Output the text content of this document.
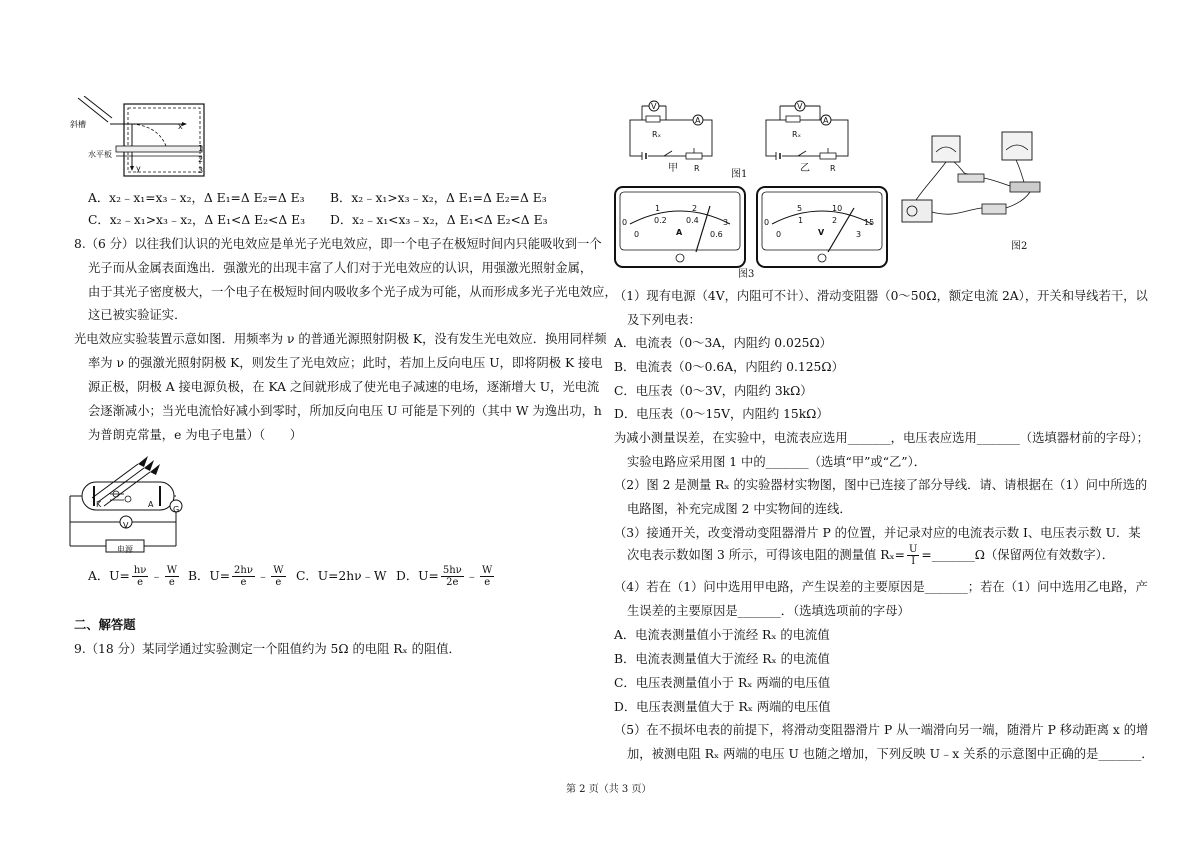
斜槽
水平板
x
y
1
2
3
A．x₂﹣x₁=x₃﹣x₂，Δ E₁=Δ E₂=Δ E₃ B．x₂﹣x₁>x₃﹣x₂，Δ E₁=Δ E₂=Δ E₃
C．x₂﹣x₁>x₃﹣x₂，Δ E₁<Δ E₂<Δ E₃ D．x₂﹣x₁<x₃﹣x₂，Δ E₁<Δ E₂<Δ E₃
8.（6 分）以往我们认识的光电效应是单光子光电效应，即一个电子在极短时间内只能吸收到一个
光子而从金属表面逸出．强激光的出现丰富了人们对于光电效应的认识，用强激光照射金属，
由于其光子密度极大，一个电子在极短时间内吸收多个光子成为可能，从而形成多光子光电效应，
这已被实验证实．
光电效应实验装置示意如图．用频率为 ν 的普通光源照射阴极 K，没有发生光电效应．换用同样频
率为 ν 的强激光照射阴极 K，则发生了光电效应；此时，若加上反向电压 U，即将阴极 K 接电
源正极，阴极 A 接电源负极，在 KA 之间就形成了使光电子减速的电场，逐渐增大 U，光电流
会逐渐减小；当光电流恰好减小到零时，所加反向电压 U 可能是下列的（其中 W 为逸出功，h
为普朗克常量，e 为电子电量）（　　）
K	A
V
G
电源
A．$U= \frac{h\nu}{e}$ ﹣ $\frac{W}{e}$ B．$U= \frac{2h\nu}{e}$ ﹣ $\frac{W}{e}$ C．U=2hν﹣W D．$U= \frac{5h\nu}{2e}$ ﹣ $\frac{W}{e}$
二、解答题
9.（18 分）某同学通过实验测定一个阻值约为 5Ω 的电阻 Rₓ 的阻值．
V
A
Rₓ
R
甲
V
A
Rₓ
R
乙
图1
0
1	2
3
0
0.2 0.4
0.6
A
0
5	10
15
0
1	2
3
V
图3
图2
（1）现有电源（4V，内阻可不计）、滑动变阻器（0～50Ω，额定电流 2A），开关和导线若干，以
及下列电表：
A．电流表（0～3A，内阻约 0.025Ω）
B．电流表（0～0.6A，内阻约 0.125Ω）
C．电压表（0～3V，内阻约 3kΩ）
D．电压表（0～15V，内阻约 15kΩ）
为减小测量误差，在实验中，电流表应选用_______，电压表应选用_______（选填器材前的字母）；
实验电路应采用图 1 中的_______（选填“甲”或“乙”）．
（2）图 2 是测量 Rₓ 的实验器材实物图，图中已连接了部分导线．请、请根据在（1）问中所选的
电路图，补充完成图 2 中实物间的连线．
（3）接通开关，改变滑动变阻器滑片 P 的位置，并记录对应的电流表示数 I、电压表示数 U．某
次电表示数如图 3 所示，可得该电阻的测量值 $R_x= \frac{U}{I}$ =_______Ω（保留两位有效数字）．
（4）若在（1）问中选用甲电路，产生误差的主要原因是_______；若在（1）问中选用乙电路，产
生误差的主要原因是_______．（选填选项前的字母）
A．电流表测量值小于流经 Rₓ 的电流值
B．电流表测量值大于流经 Rₓ 的电流值
C．电压表测量值小于 Rₓ 两端的电压值
D．电压表测量值大于 Rₓ 两端的电压值
（5）在不损坏电表的前提下，将滑动变阻器滑片 P 从一端滑向另一端，随滑片 P 移动距离 x 的增
加，被测电阻 Rₓ 两端的电压 U 也随之增加，下列反映 U﹣x 关系的示意图中正确的是_______．
第 2 页（共 3 页）
